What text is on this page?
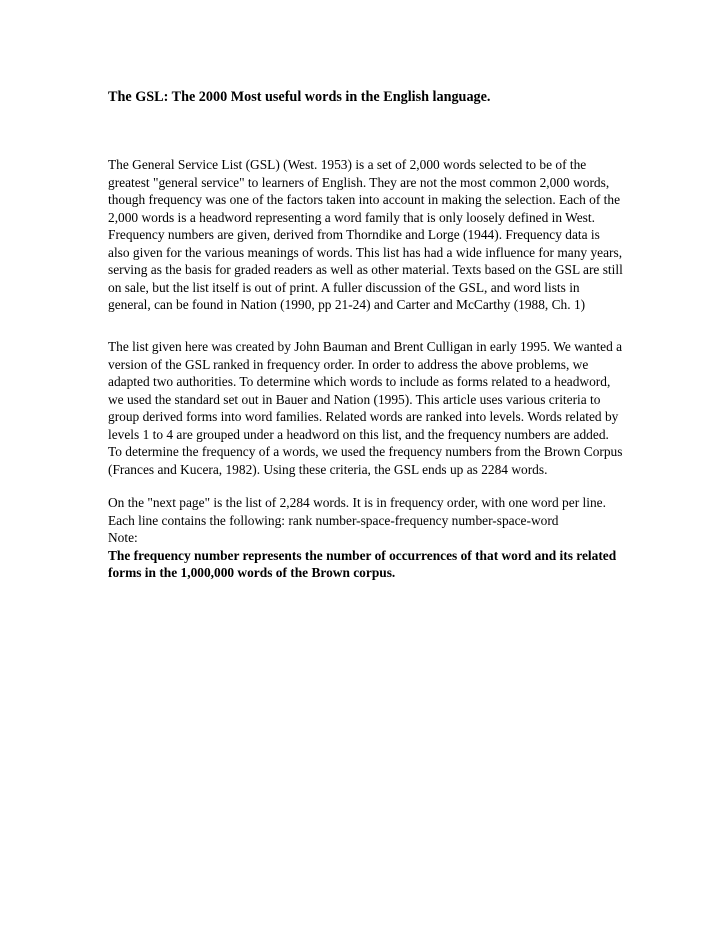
The GSL: The 2000 Most useful words in the English language.

The General Service List (GSL) (West. 1953) is a set of 2,000 words selected to be of the greatest "general service" to learners of English. They are not the most common 2,000 words, though frequency was one of the factors taken into account in making the selection. Each of the 2,000 words is a headword representing a word family that is only loosely defined in West. Frequency numbers are given, derived from Thorndike and Lorge (1944). Frequency data is also given for the various meanings of words. This list has had a wide influence for many years, serving as the basis for graded readers as well as other material. Texts based on the GSL are still on sale, but the list itself is out of print. A fuller discussion of the GSL, and word lists in general, can be found in Nation (1990, pp 21-24) and Carter and McCarthy (1988, Ch. 1)

The list given here was created by John Bauman and Brent Culligan in early 1995. We wanted a version of the GSL ranked in frequency order. In order to address the above problems, we adapted two authorities. To determine which words to include as forms related to a headword, we used the standard set out in Bauer and Nation (1995). This article uses various criteria to group derived forms into word families. Related words are ranked into levels. Words related by levels 1 to 4 are grouped under a headword on this list, and the frequency numbers are added. To determine the frequency of a words, we used the frequency numbers from the Brown Corpus (Frances and Kucera, 1982). Using these criteria, the GSL ends up as 2284 words.

On the "next page" is the list of 2,284 words. It is in frequency order, with one word per line. Each line contains the following: rank number-space-frequency number-space-word
Note:
The frequency number represents the number of occurrences of that word and its related forms in the 1,000,000 words of the Brown corpus.
